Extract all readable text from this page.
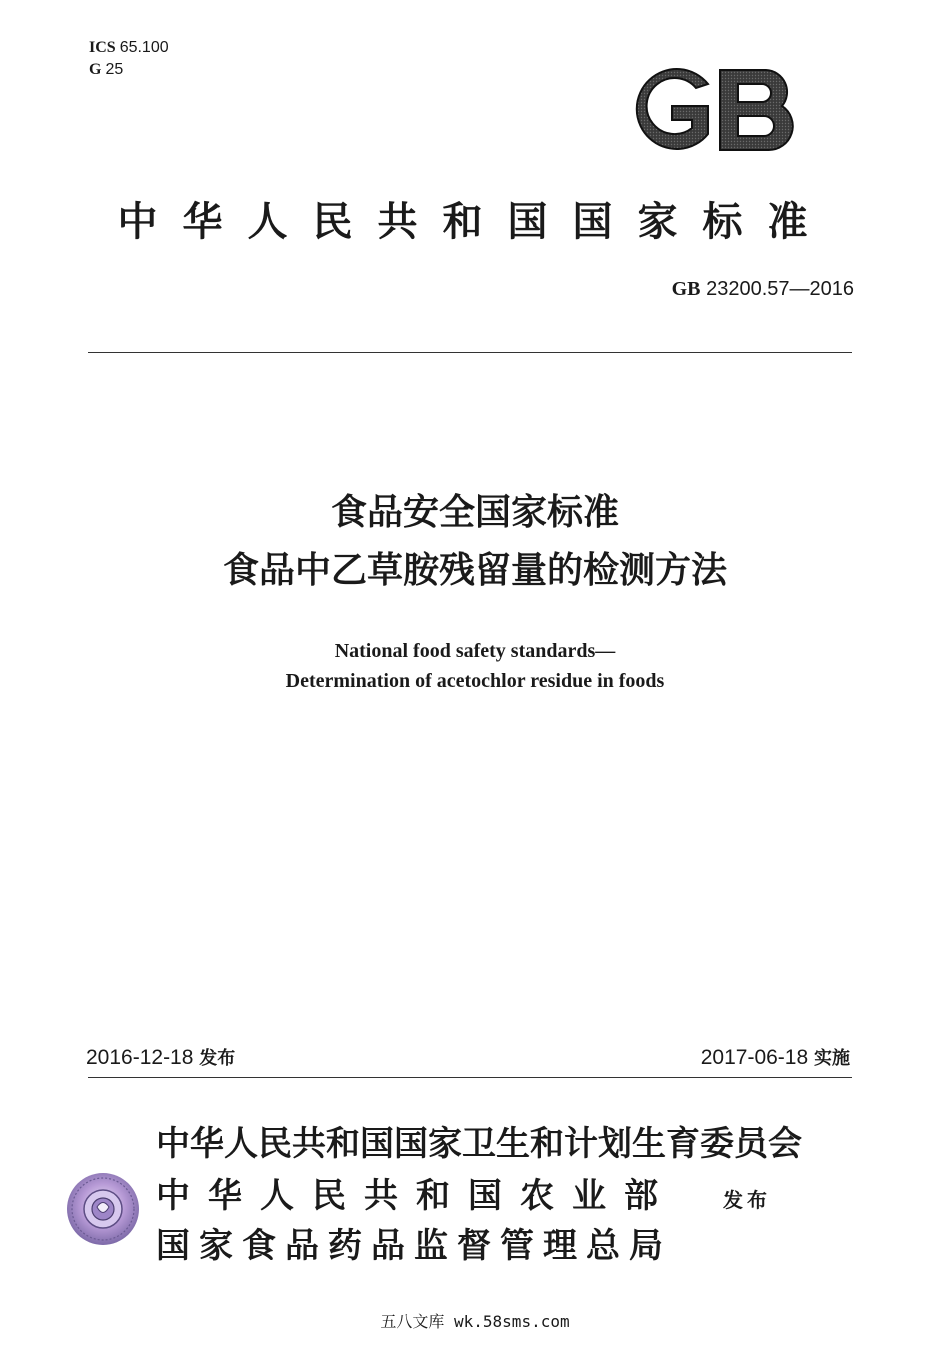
ICS 65.100
G 25
中华人民共和国国家标准
GB 23200.57—2016
食品安全国家标准
食品中乙草胺残留量的检测方法
National food safety standards—
Determination of acetochlor residue in foods
2016-12-18 发布	2017-06-18 实施
中华人民共和国国家卫生和计划生育委员会
中华人民共和国农业部
国家食品药品监督管理总局
发布
五八文库 wk.58sms.com
